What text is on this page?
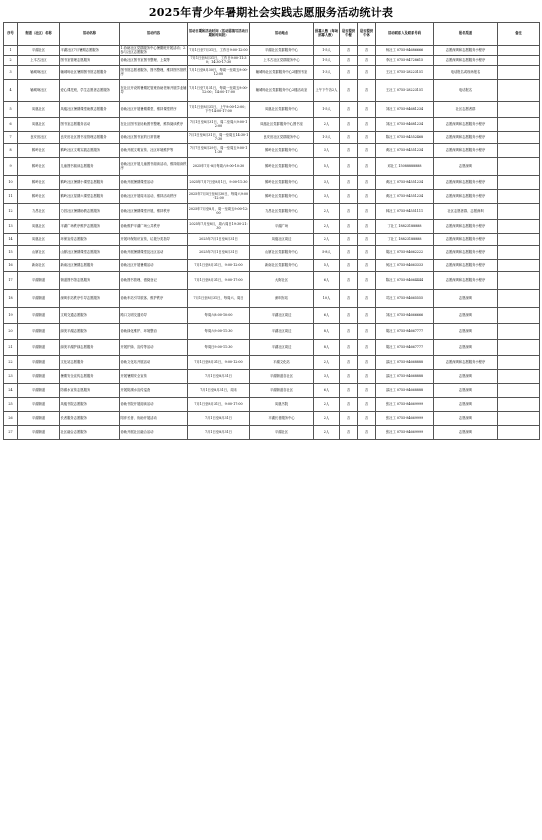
2025年青少年暑期社会实践志愿服务活动统计表
序号	街道（社区）名称	活动名称	活动内容	活动日期和活动时间（活动需填写活动日期和时间段）	活动地点	招募人数（每场招募人数）	是否提供午餐	是否提供午休	活动联系人及联系号码	报名渠道	备注
1	平湖社区	平湖社区7月暑期志愿服务	1.协助社区党群服务中心暑期班开展活动；2.参与社区志愿服务	7月1日至7月31日，工作日9:00-12:00	平湖社区党群服务中心	1-5人	否	否	杨社工 0755-84686666	志愿深圳和志愿服务小程序	
2	上木古社区	图书室管理志愿服务	协助社区图书室图书整理、上架等	7月1日至8月31日，工作日9:00-11:30；14:30-17:30	上木古社区党群服务中心	1-5人	否	否	李社工 0755-84728615	志愿深圳和志愿服务小程序	
3	辅城坳社区	辅城坳社区暑期图书馆志愿服务	图书馆志愿者服务，图书整理，维持图书馆秩序	7月1日至8月30日，每周一至周五9:00-12:00	辅城坳社区党群服务中心2楼图书室	1-3人	否	否	王社工 0755-28223151	电话报名或现场报名	
4	辅城坳社区	爱心课托班，学生志愿者志愿服务	在社区开设的暑期托管班协助老师开展学业辅导	7月1日至7月31日，每周一至周五9:00-12:00；14:00-17:00	辅城坳社区党群服务中心2楼活动室	上午下午各2人	否	否	王社工 0755-28223151	电话报名	
5	凤凰社区	凤凰社区暑期课堂助教志愿服务	协助社区开展暑期课堂，维持课堂秩序	7月1日至8月31日，上午9:00-12:00；下午14:00-17:00	凤凰社区党群服务中心	1-5人	否	否	刘社工 0755-84681234	社区志愿者群	
6	凤凰社区	图书室志愿服务活动	在社区图书室协助图书整理，维持阅读秩序	7月1日至8月31日，周二至周六9:00-12:00	凤凰社区党群服务中心图书室	2人	否	否	刘社工 0755-84681234	志愿深圳和志愿服务小程序	
7	良安田社区	良安田社区图书室管理志愿服务	协助社区图书室的日常管理	7月1日至8月31日，周一至周五14:30-17:30	良安田社区党群服务中心	1-3人	否	否	陈社工 0755-84552468	志愿深圳和志愿服务小程序	
8	鹤岭社区	鹤岭社区文明实践志愿服务	协助开展文明宣传、社区环境维护等	7月7日至8月29日，周一至周五9:00-11:30	鹤岭社区党群服务中心	3人	否	否	黄社工 0755-84551234	志愿深圳和志愿服务小程序	
9	鹤岭社区	儿童图书阅读志愿服务	协助社区开展儿童图书阅读活动，维持阅读秩序	2025年7月-8月每周六9:00-10:30	鹤岭社区党群服务中心	5人	否	否	邓社工 15088888888	志愿深圳	
10	鹤岭社区	鹤岭社区暑期小课堂志愿服务	协助开展暑期课堂活动	2025年7月7日至8月1日，9:00-11:30	鹤岭社区党群服务中心	3人	否	否	黄社工 0755-84551234	志愿深圳和志愿服务小程序	
11	鹤岭社区	鹤岭社区星期六课堂志愿服务	协助社区开展周末活动，维持活动秩序	2025年7月5日至8月30日，每周六9:00-12:00	鹤岭社区党群服务中心	3人	否	否	黄社工 0755-84551234	志愿深圳和志愿服务小程序	
12	力昌社区	力昌社区暑期助教志愿服务	协助社区暑期课堂开展，维持秩序	2025年7月至8月，周一至周五9:00-12:00	力昌社区党群服务中心	2人	否	否	林社工 0755-84551111	社区志愿者群、志愿深圳	
13	凤凰社区	平湖广场秩序维护志愿服务	协助维护平湖广场公共秩序	2025年7月至8月，周六周日19:30-21:30	平湖广场	2人	否	否	丁社工 18823188888	志愿深圳和志愿服务小程序	
14	凤凰社区	环保宣传志愿服务	开展环保知识宣传，垃圾分类指导	2025年7月1日至8月31日	凤凰社区周边	2人	否	否	丁社工 18823188888	志愿深圳和志愿服务小程序	
15	山厦社区	山厦社区暑期课堂志愿服务	协助开展暑期课堂及社区活动	2025年7月1日至8月31日	山厦社区党群服务中心	5-8人	否	否	胡社工 0755-84662222	志愿深圳和志愿服务小程序	
16	新南社区	新南社区暑期志愿服务	协助社区开展暑期活动	7月1日至8月31日，9:00-12:00	新南社区党群服务中心	5人	否	否	何社工 0755-84663333	志愿深圳和志愿服务小程序	
17	平湖街道	街道图书馆志愿服务	协助图书管理、借阅登记	7月1日至8月31日，9:00-17:00	大街社区	6人	否	否	陈社工 0755-84664444	志愿深圳和志愿服务小程序	
18	平湖街道	深圳东站秩序引导志愿服务	协助车站引导旅客、维护秩序	7月1日至8月31日，每周六、周日	深圳东站	10人	否	否	司社工 0755-84665555	志愿深圳	
19	平湖街道	文明交通志愿服务	路口文明交通劝导	每周六8:00-10:00	平湖社区周边	6人	否	否	刘社工 0755-84666666	志愿深圳	
20	平湖街道	绿美平湖志愿服务	协助绿化维护、环境整治	每周六9:00-11:30	平湖社区周边	8人	否	否	胡社工 0755-84667777	志愿深圳	
21	平湖街道	绿美平湖护绿志愿服务	开展护绿、宣传等活动	每周日9:00-11:30	平湖社区周边	8人	否	否	胡社工 0755-84667777	志愿深圳	
22	平湖街道	文化站志愿服务	协助文化站开展活动	7月1日至8月31日，9:00-12:00	平湖文化站	2人	否	否	邵社工 0755-84668888	志愿深圳和志愿服务小程序	
23	平湖街道	暑期安全宣传志愿服务	开展暑期安全宣传	7月1日至8月31日	平湖街道各社区	3人	否	否	邵社工 0755-84668888	志愿深圳	
24	平湖街道	防溺水宣传志愿服务	开展防溺水宣传巡查	7月1日至8月31日，周末	平湖街道各社区	6人	否	否	邵社工 0755-84668888	志愿深圳	
25	平湖街道	凤凰书院志愿服务	协助书院开展阅读活动	7月1日至8月31日，9:00-17:00	凤凰书院	2人	否	否	张社工 0755-84669999	志愿深圳	
26	平湖街道	长者服务志愿服务	陪伴长者、协助开展活动	7月1日至8月31日	平湖长者服务中心	2人	否	否	张社工 0755-84669999	志愿深圳	
27	平湖街道	社区融合志愿服务	协助开展社区融合活动	7月1日至8月31日	平湖社区	2人	否	否	张社工 0755-84669999	志愿深圳	
